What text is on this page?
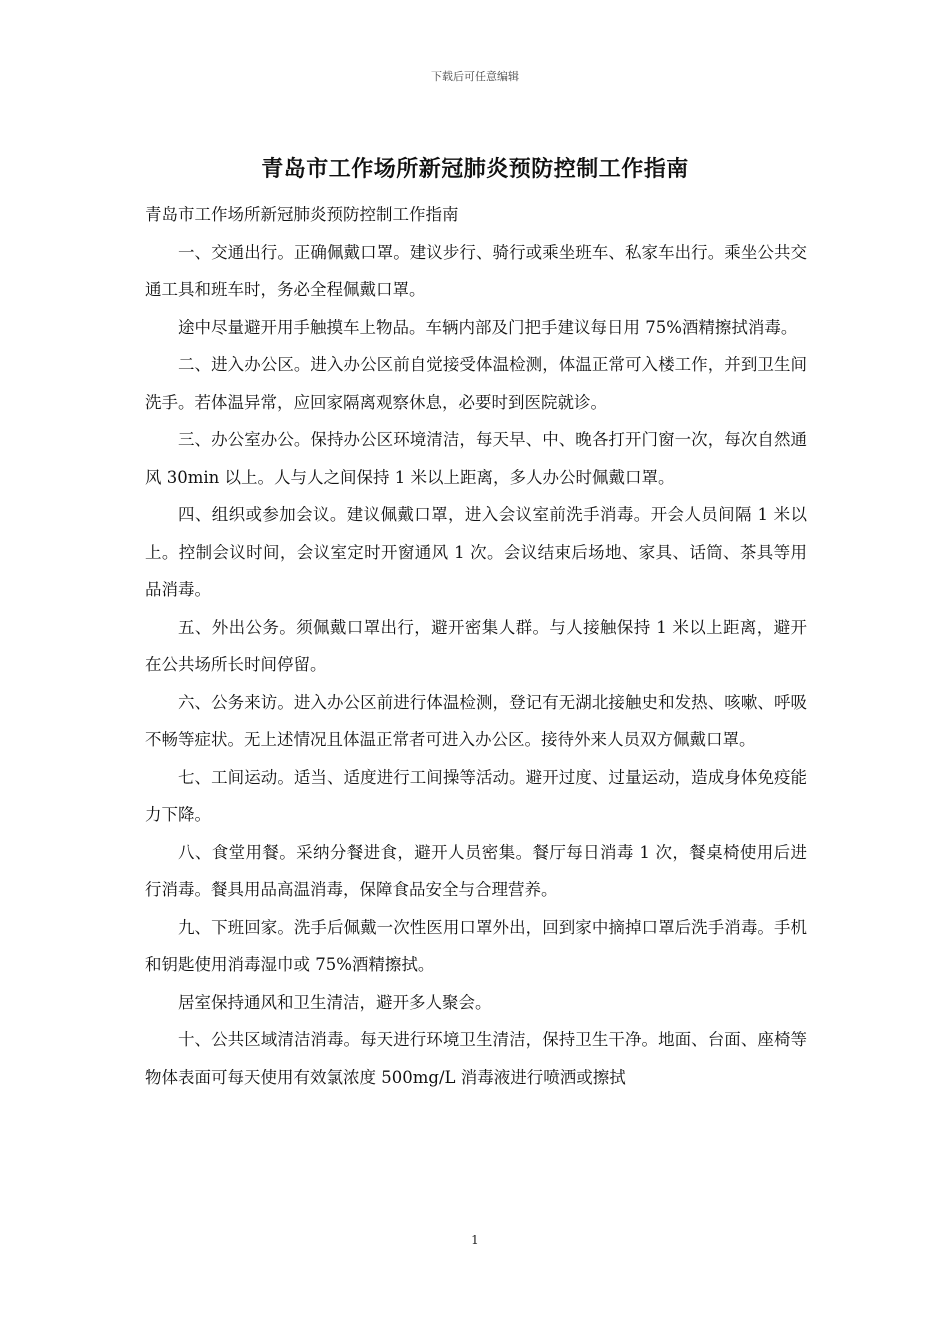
下载后可任意编辑
青岛市工作场所新冠肺炎预防控制工作指南

青岛市工作场所新冠肺炎预防控制工作指南

一、交通出行。正确佩戴口罩。建议步行、骑行或乘坐班车、私家车出行。乘坐公共交通工具和班车时，务必全程佩戴口罩。

途中尽量避开用手触摸车上物品。车辆内部及门把手建议每日用 75%酒精擦拭消毒。

二、进入办公区。进入办公区前自觉接受体温检测，体温正常可入楼工作，并到卫生间洗手。若体温异常，应回家隔离观察休息，必要时到医院就诊。

三、办公室办公。保持办公区环境清洁，每天早、中、晚各打开门窗一次，每次自然通风 30min 以上。人与人之间保持 1 米以上距离，多人办公时佩戴口罩。

四、组织或参加会议。建议佩戴口罩，进入会议室前洗手消毒。开会人员间隔 1 米以上。控制会议时间，会议室定时开窗通风 1 次。会议结束后场地、家具、话筒、茶具等用品消毒。

五、外出公务。须佩戴口罩出行，避开密集人群。与人接触保持 1 米以上距离，避开在公共场所长时间停留。

六、公务来访。进入办公区前进行体温检测，登记有无湖北接触史和发热、咳嗽、呼吸不畅等症状。无上述情况且体温正常者可进入办公区。接待外来人员双方佩戴口罩。

七、工间运动。适当、适度进行工间操等活动。避开过度、过量运动，造成身体免疫能力下降。

八、食堂用餐。采纳分餐进食，避开人员密集。餐厅每日消毒 1 次，餐桌椅使用后进行消毒。餐具用品高温消毒，保障食品安全与合理营养。

九、下班回家。洗手后佩戴一次性医用口罩外出，回到家中摘掉口罩后洗手消毒。手机和钥匙使用消毒湿巾或 75%酒精擦拭。

居室保持通风和卫生清洁，避开多人聚会。

十、公共区域清洁消毒。每天进行环境卫生清洁，保持卫生干净。地面、台面、座椅等物体表面可每天使用有效氯浓度 500mg/L 消毒液进行喷洒或擦拭

1
